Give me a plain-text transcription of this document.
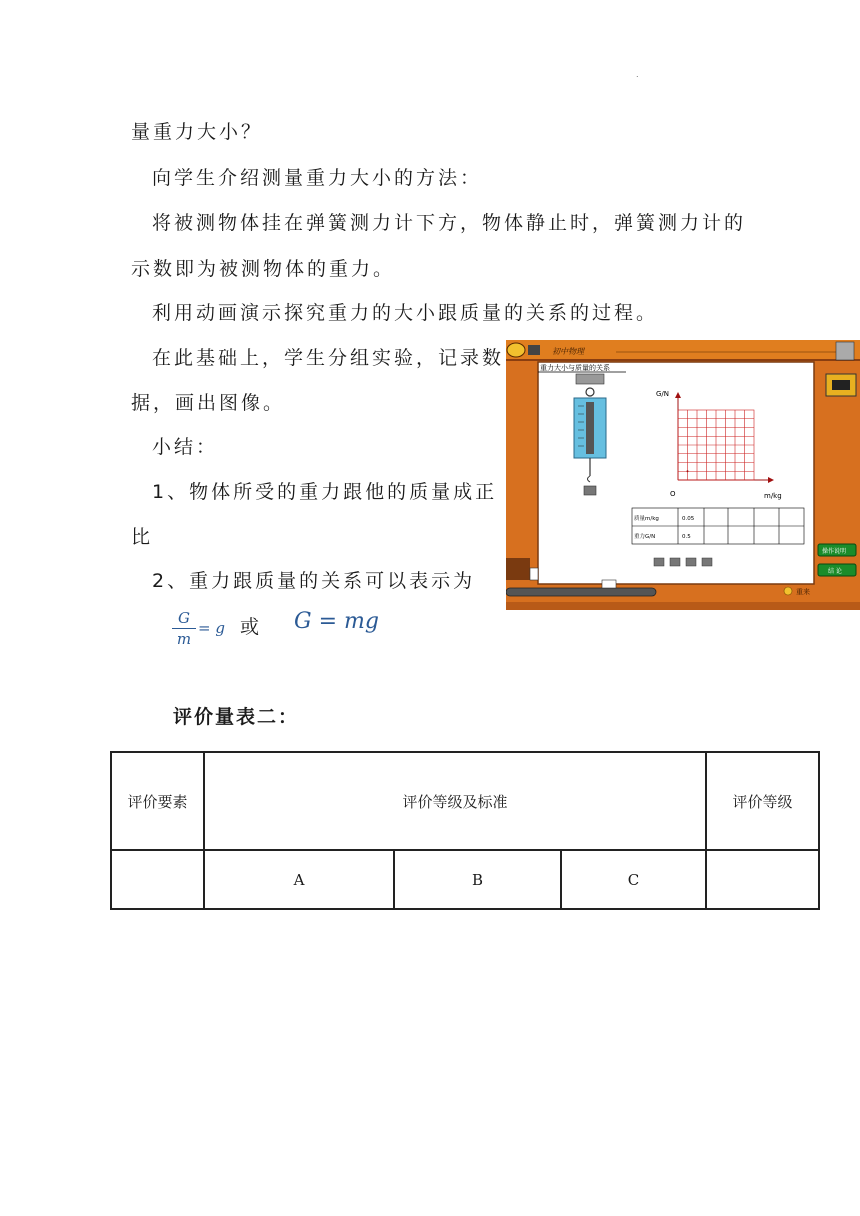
.
量重力大小？
向学生介绍测量重力大小的方法：
将被测物体挂在弹簧测力计下方，物体静止时，弹簧测力计的
示数即为被测物体的重力。
利用动画演示探究重力的大小跟质量的关系的过程。
在此基础上，学生分组实验，记录数
据，画出图像。
小结：
1、物体所受的重力跟他的质量成正
比
2、重力跟质量的关系可以表示为
$\frac{G}{m} = g$ 或 G = mg
初中物理
重力大小与质量的关系
G/N
m/kg
O
质量m/kg	0.05
重力G/N	0.5
操作说明
结 论
重来
评价量表二：
评价要素	评价等级及标准			评价等级
	A	B	C	
